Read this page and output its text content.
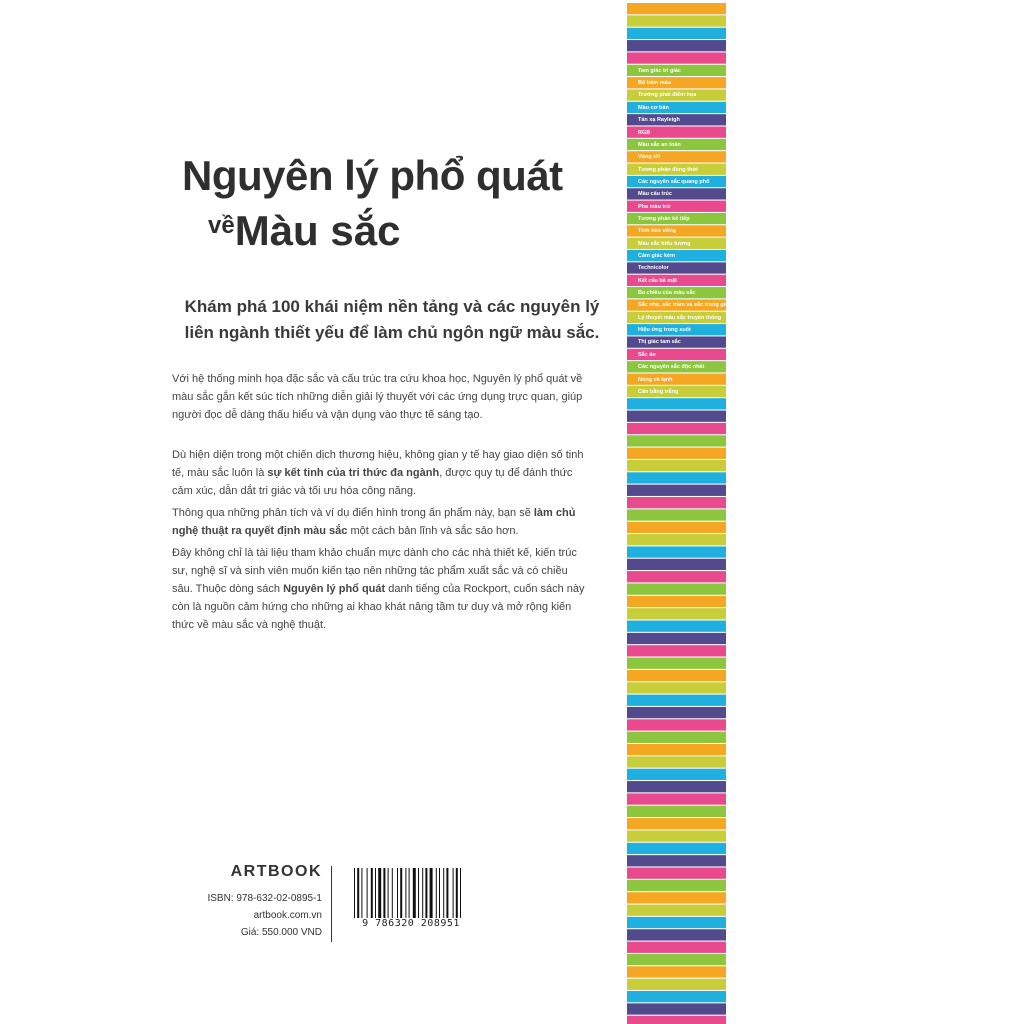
Nguyên lý phổ quát
vềMàu sắc
Khám phá 100 khái niệm nền tảng và các nguyên lý liên ngành thiết yếu để làm chủ ngôn ngữ màu sắc.

Với hệ thống minh họa đặc sắc và cấu trúc tra cứu khoa học, Nguyên lý phổ quát về màu sắc gắn kết súc tích những diễn giải lý thuyết với các ứng dụng trực quan, giúp người đọc dễ dàng thấu hiểu và vận dụng vào thực tế sáng tạo.

Dù hiện diện trong một chiến dịch thương hiệu, không gian y tế hay giao diện số tinh tế, màu sắc luôn là sự kết tinh của tri thức đa ngành, được quy tụ để đánh thức cảm xúc, dẫn dắt tri giác và tối ưu hóa công năng.

Thông qua những phân tích và ví dụ điển hình trong ấn phẩm này, bạn sẽ làm chủ nghệ thuật ra quyết định màu sắc một cách bản lĩnh và sắc sảo hơn.

Đây không chỉ là tài liệu tham khảo chuẩn mực dành cho các nhà thiết kế, kiến trúc sư, nghệ sĩ và sinh viên muốn kiến tạo nên những tác phẩm xuất sắc và có chiều sâu. Thuộc dòng sách Nguyên lý phổ quát danh tiếng của Rockport, cuốn sách này còn là nguồn cảm hứng cho những ai khao khát nâng tầm tư duy và mở rộng kiến thức về màu sắc và nghệ thuật.

ARTBOOK
ISBN: 978-632-02-0895-1
artbook.com.vn
Giá: 550.000 VND
9 786320 208951
Tam giác tri giác
Bộ bấm màu
Trường phái điểm họa
Màu cơ bản
Tán xạ Rayleigh
RGB
Màu sắc an toàn
Vòng tối
Tương phản đồng thời
Các nguyên sắc quang phổ
Màu cấu trúc
Pha màu trừ
Tương phản kế tiếp
Tính bền vững
Màu sắc biểu tượng
Cảm giác kèm
Technicolor
Kết cấu bề mặt
Ba chiều của màu sắc
Sắc nhẹ, sắc trầm và sắc trung gian
Lý thuyết màu sắc truyền thống
Hiệu ứng trong suốt
Thị giác tam sắc
Sắc ảo
Các nguyên sắc độc nhất
Nóng và lạnh
Cân bằng trắng
